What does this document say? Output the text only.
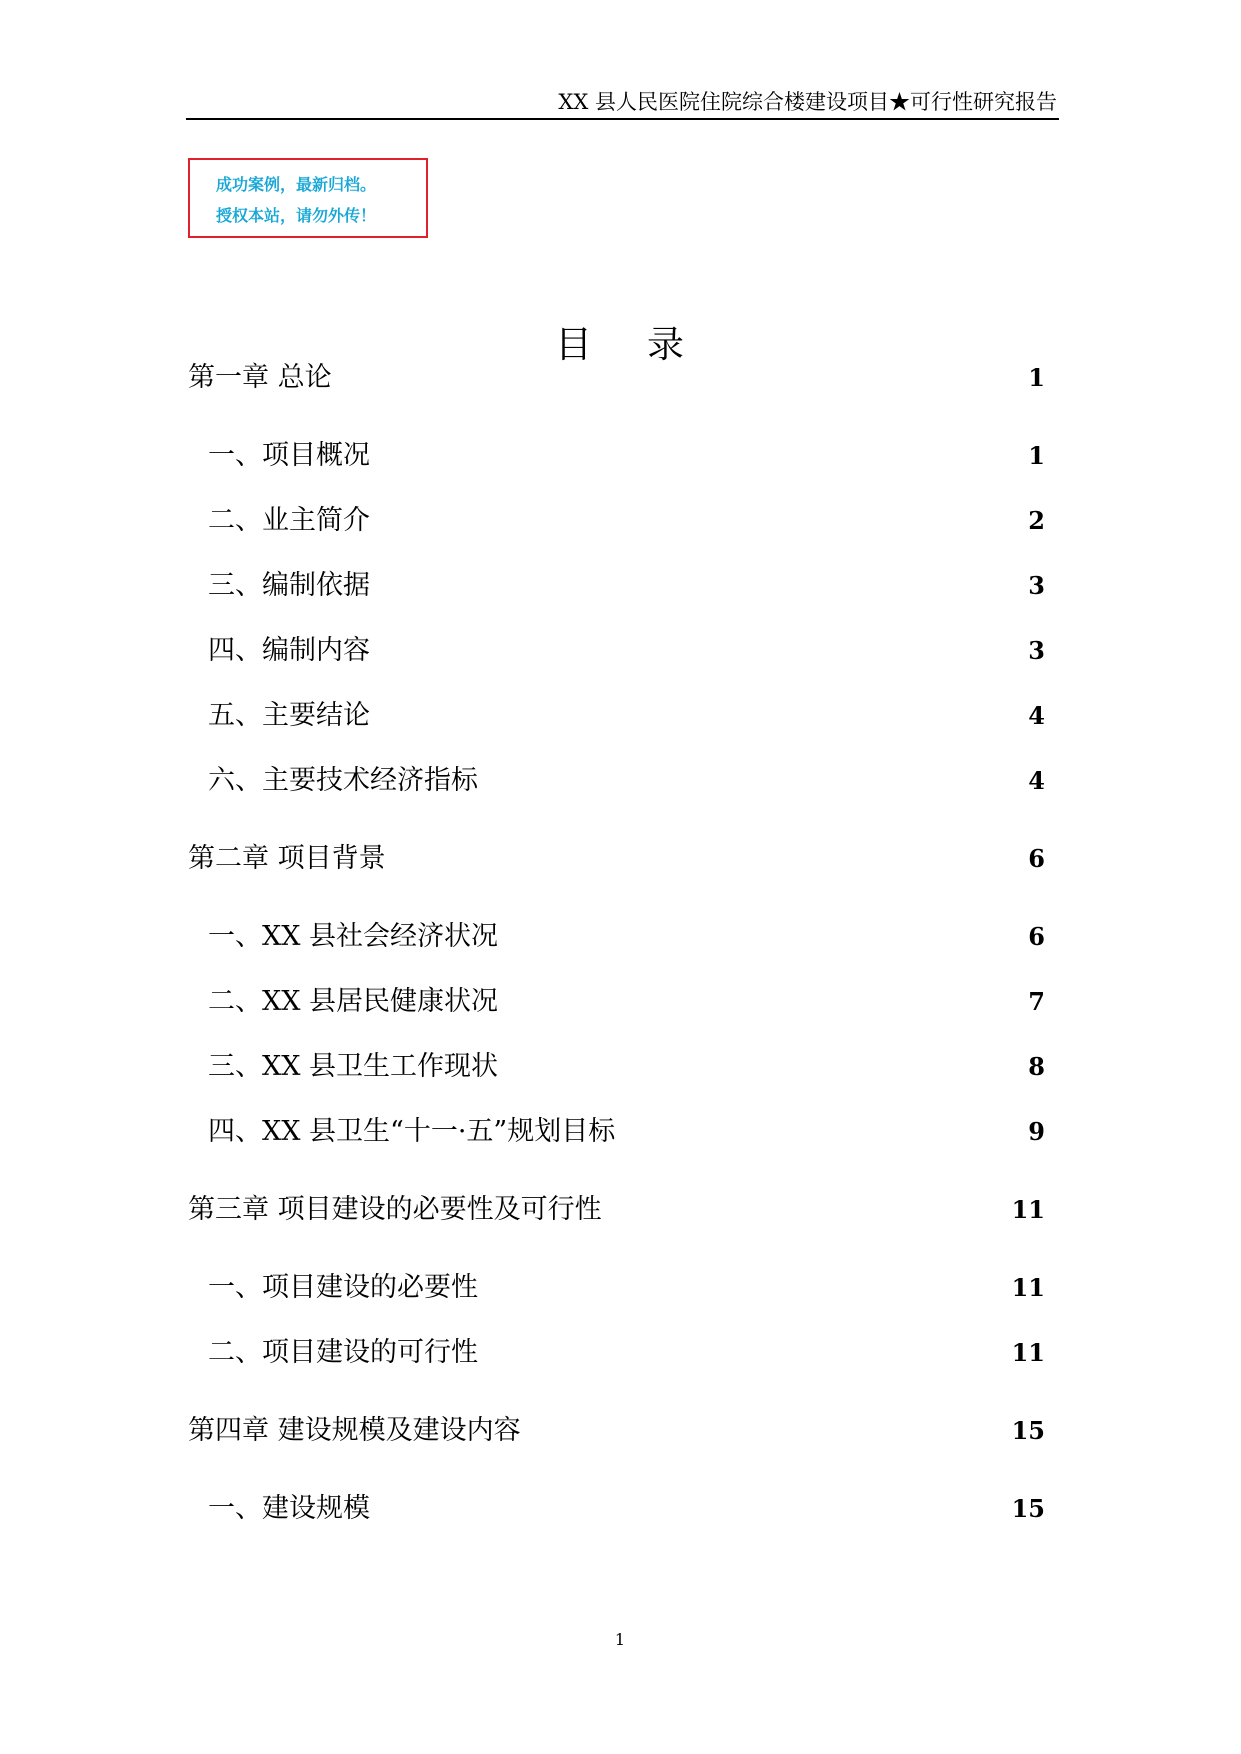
XX 县人民医院住院综合楼建设项目★可行性研究报告
成功案例，最新归档。
授权本站，请勿外传！
目 录
第一章 总论	1
一、项目概况	1
二、业主简介	2
三、编制依据	3
四、编制内容	3
五、主要结论	4
六、主要技术经济指标	4
第二章 项目背景	6
一、XX 县社会经济状况	6
二、XX 县居民健康状况	7
三、XX 县卫生工作现状	8
四、XX 县卫生“十一·五”规划目标	9
第三章 项目建设的必要性及可行性	11
一、项目建设的必要性	11
二、项目建设的可行性	11
第四章 建设规模及建设内容	15
一、建设规模	15
1
